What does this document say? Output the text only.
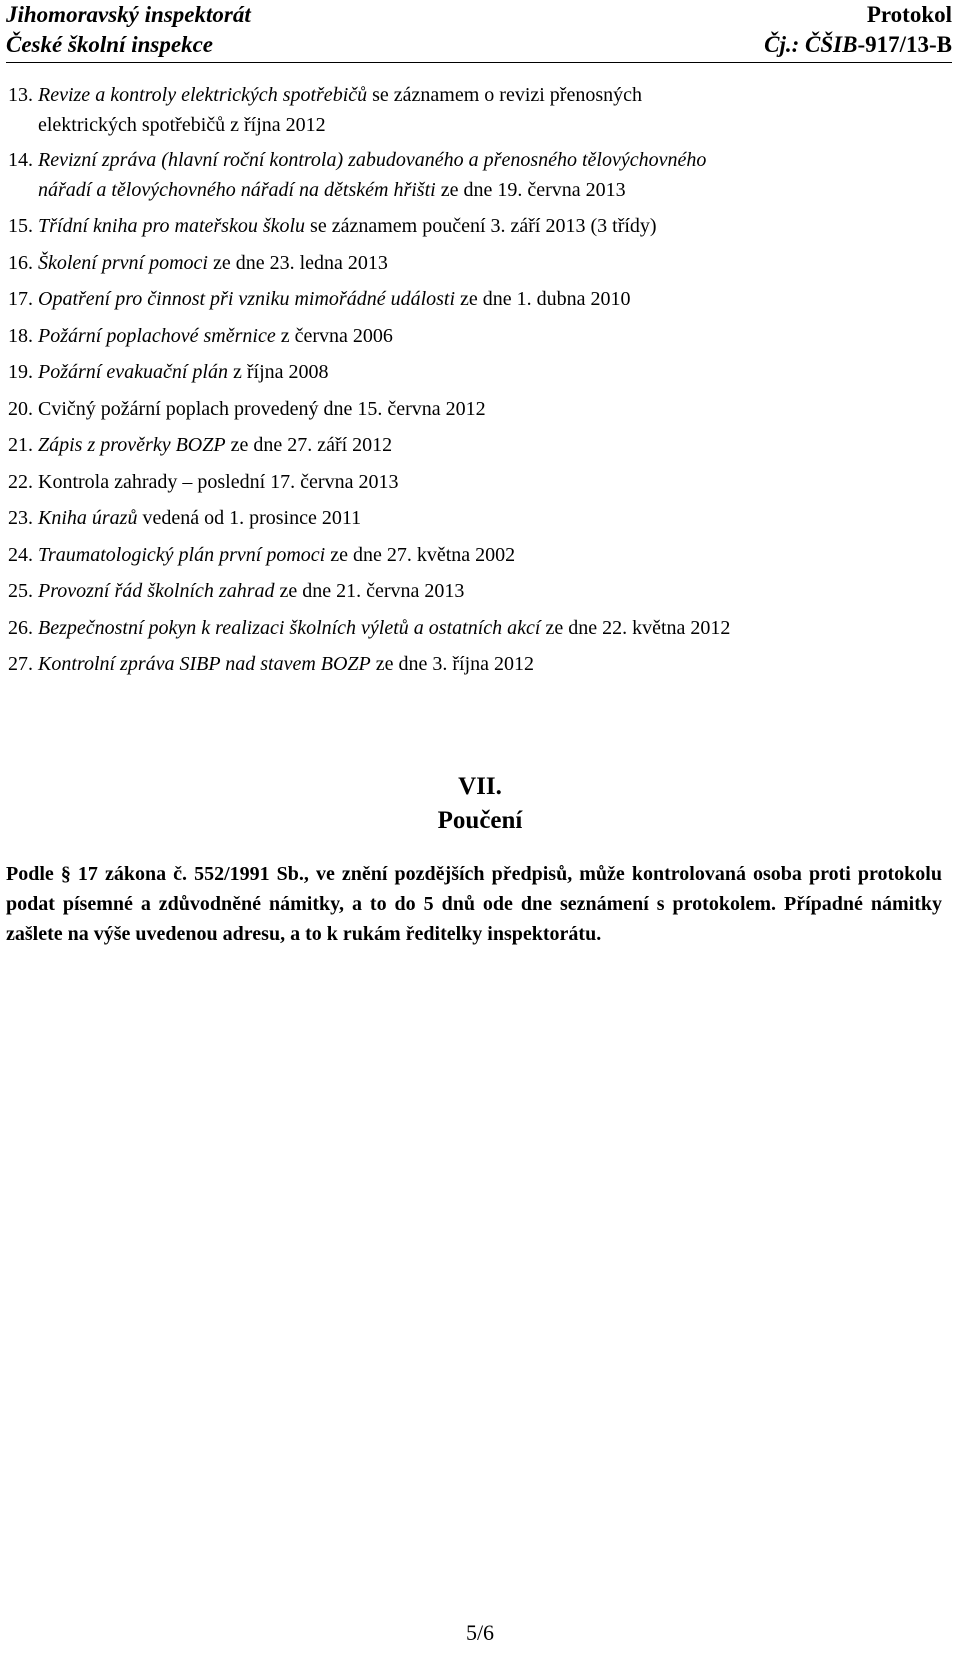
Jihomoravský inspektorát
České školní inspekce
Protokol
Čj.: ČŠIB-917/13-B
13. Revize a kontroly elektrických spotřebičů se záznamem o revizi přenosných
elektrických spotřebičů z října 2012
14. Revizní zpráva (hlavní roční kontrola) zabudovaného a přenosného tělovýchovného
nářadí a tělovýchovného nářadí na dětském hřišti ze dne 19. června 2013
15. Třídní kniha pro mateřskou školu se záznamem poučení 3. září 2013 (3 třídy)
16. Školení první pomoci ze dne 23. ledna 2013
17. Opatření pro činnost při vzniku mimořádné události ze dne 1. dubna 2010
18. Požární poplachové směrnice z června 2006
19. Požární evakuační plán z října 2008
20. Cvičný požární poplach provedený dne 15. června 2012
21. Zápis z prověrky BOZP ze dne 27. září 2012
22. Kontrola zahrady – poslední 17. června 2013
23. Kniha úrazů vedená od 1. prosince 2011
24. Traumatologický plán první pomoci ze dne 27. května 2002
25. Provozní řád školních zahrad ze dne 21. června 2013
26. Bezpečnostní pokyn k realizaci školních výletů a ostatních akcí ze dne 22. května 2012
27. Kontrolní zpráva SIBP nad stavem BOZP ze dne 3. října 2012
VII.
Poučení
Podle § 17 zákona č. 552/1991 Sb., ve znění pozdějších předpisů, může kontrolovaná osoba proti protokolu podat písemné a zdůvodněné námitky, a to do 5 dnů ode dne seznámení s protokolem. Případné námitky zašlete na výše uvedenou adresu, a to k rukám ředitelky inspektorátu.
5/6
